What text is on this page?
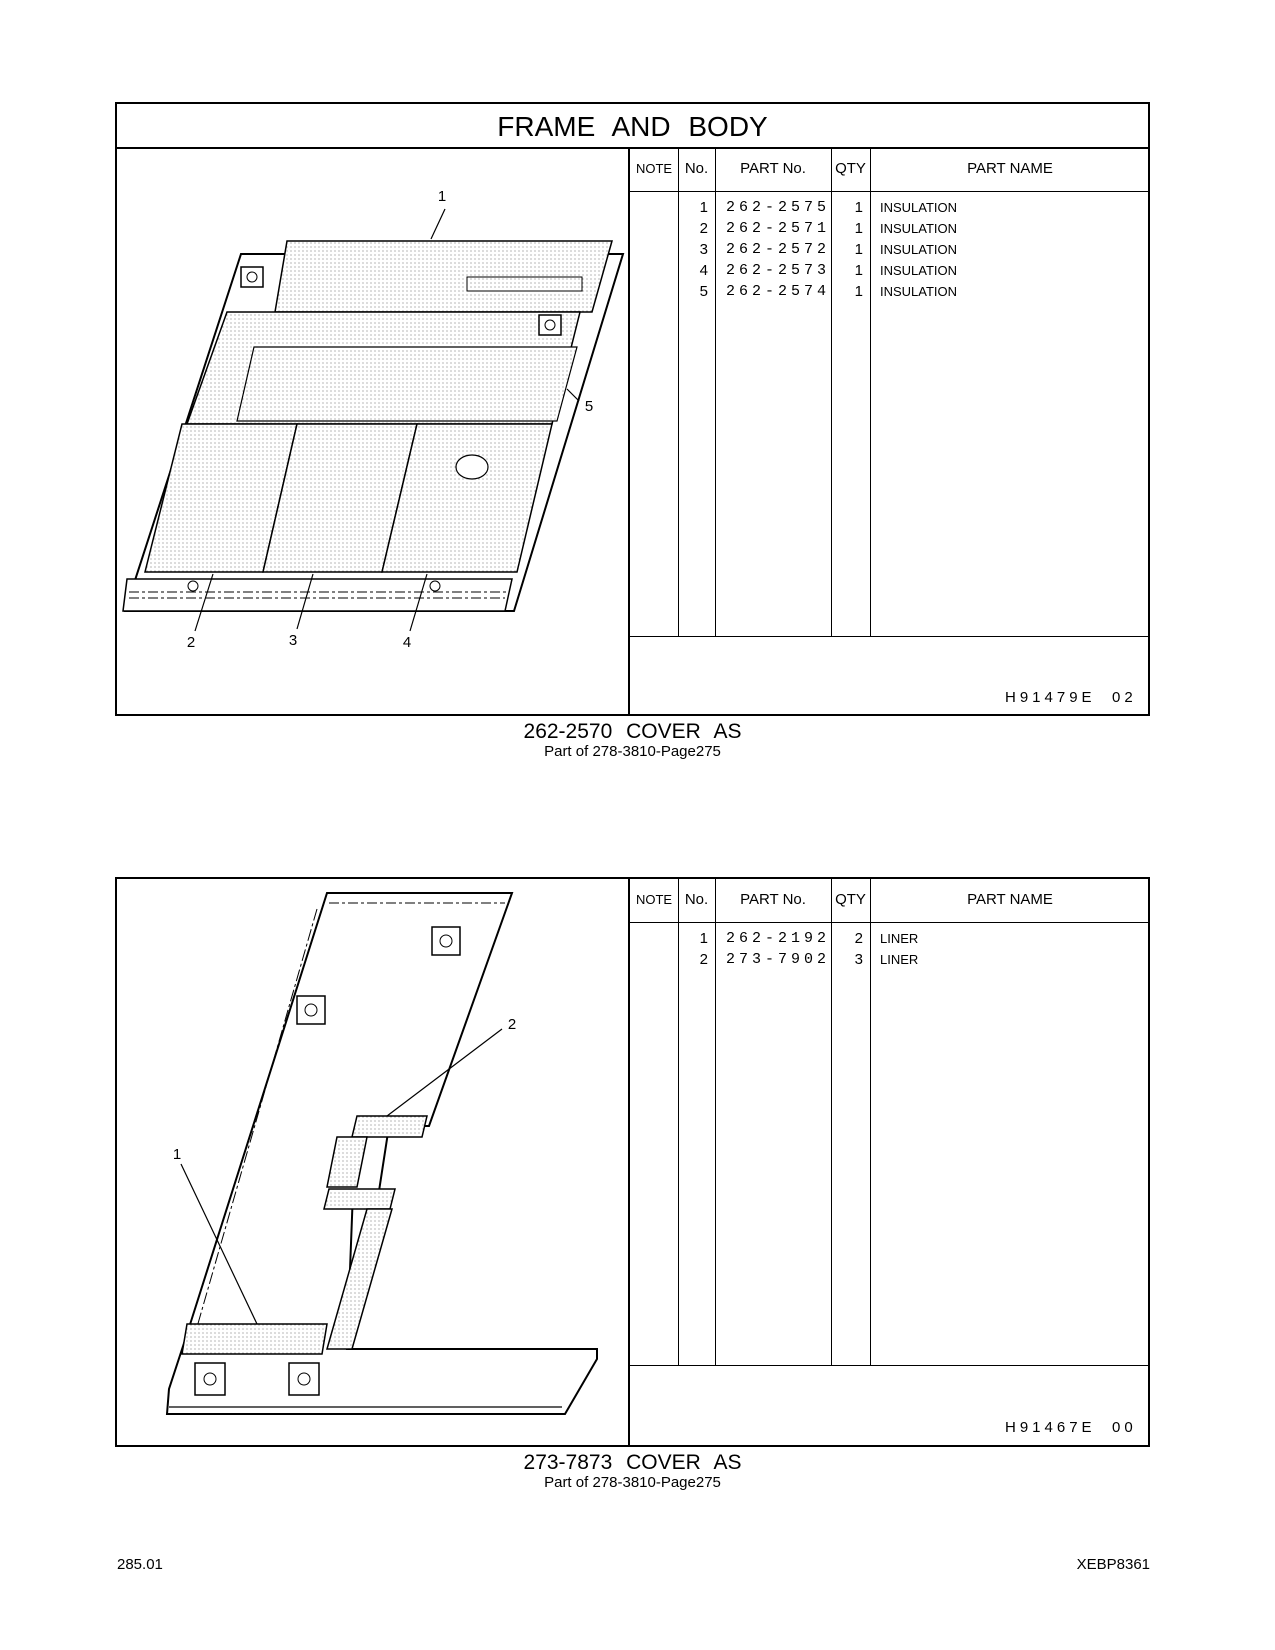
FRAME AND BODY
1
2	3	4
5
NOTE No.	PART No.	QTY	PART NAME
1 262-2575	1 INSULATION
2 262-2571	1 INSULATION
3 262-2572	1 INSULATION
4 262-2573	1 INSULATION
5 262-2574	1 INSULATION
H91479E 02
262-2570 COVER AS
Part of 278-3810-Page275
2
1
NOTE No.	PART No.	QTY	PART NAME
1 262-2192	2 LINER
2 273-7902	3 LINER
H91467E 00
273-7873 COVER AS
Part of 278-3810-Page275
285.01	XEBP8361
